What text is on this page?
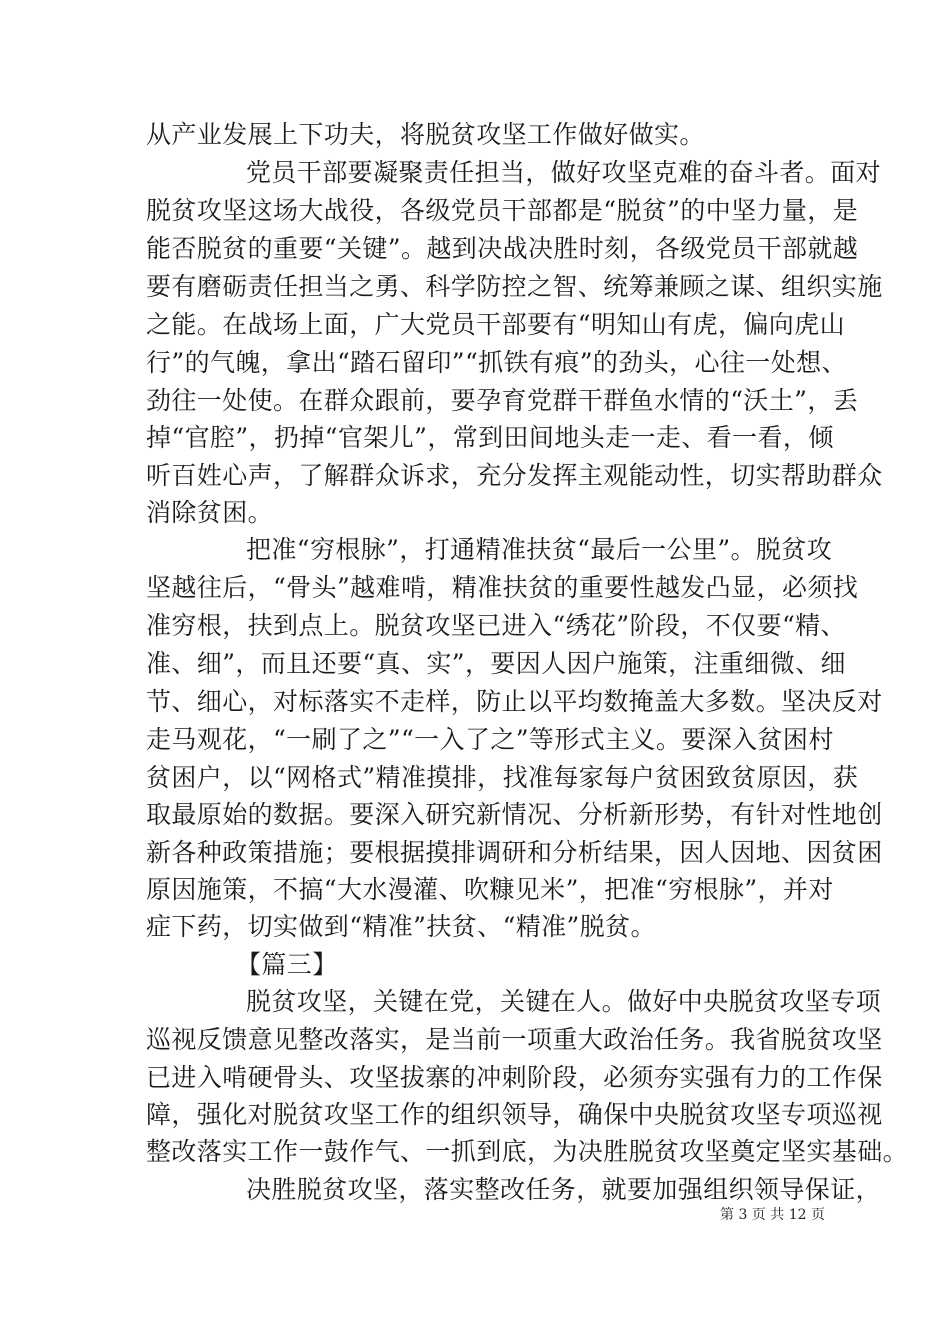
从产业发展上下功夫，将脱贫攻坚工作做好做实。
党员干部要凝聚责任担当，做好攻坚克难的奋斗者。面对
脱贫攻坚这场大战役，各级党员干部都是“脱贫”的中坚力量，是
能否脱贫的重要“关键”。越到决战决胜时刻，各级党员干部就越
要有磨砺责任担当之勇、科学防控之智、统筹兼顾之谋、组织实施
之能。在战场上面，广大党员干部要有“明知山有虎，偏向虎山
行”的气魄，拿出“踏石留印”“抓铁有痕”的劲头，心往一处想、
劲往一处使。在群众跟前，要孕育党群干群鱼水情的“沃土”，丢
掉“官腔”，扔掉“官架儿”，常到田间地头走一走、看一看，倾
听百姓心声，了解群众诉求，充分发挥主观能动性，切实帮助群众
消除贫困。
把准“穷根脉”，打通精准扶贫“最后一公里”。脱贫攻
坚越往后，“骨头”越难啃，精准扶贫的重要性越发凸显，必须找
准穷根，扶到点上。脱贫攻坚已进入“绣花”阶段，不仅要“精、
准、细”，而且还要“真、实”，要因人因户施策，注重细微、细
节、细心，对标落实不走样，防止以平均数掩盖大多数。坚决反对
走马观花，“一刷了之”“一入了之”等形式主义。要深入贫困村
贫困户，以“网格式”精准摸排，找准每家每户贫困致贫原因，获
取最原始的数据。要深入研究新情况、分析新形势，有针对性地创
新各种政策措施；要根据摸排调研和分析结果，因人因地、因贫困
原因施策，不搞“大水漫灌、吹糠见米”，把准“穷根脉”，并对
症下药，切实做到“精准”扶贫、“精准”脱贫。
【篇三】
脱贫攻坚，关键在党，关键在人。做好中央脱贫攻坚专项
巡视反馈意见整改落实，是当前一项重大政治任务。我省脱贫攻坚
已进入啃硬骨头、攻坚拔寨的冲刺阶段，必须夯实强有力的工作保
障，强化对脱贫攻坚工作的组织领导，确保中央脱贫攻坚专项巡视
整改落实工作一鼓作气、一抓到底，为决胜脱贫攻坚奠定坚实基础。
决胜脱贫攻坚，落实整改任务，就要加强组织领导保证，
第 3 页 共 12 页
